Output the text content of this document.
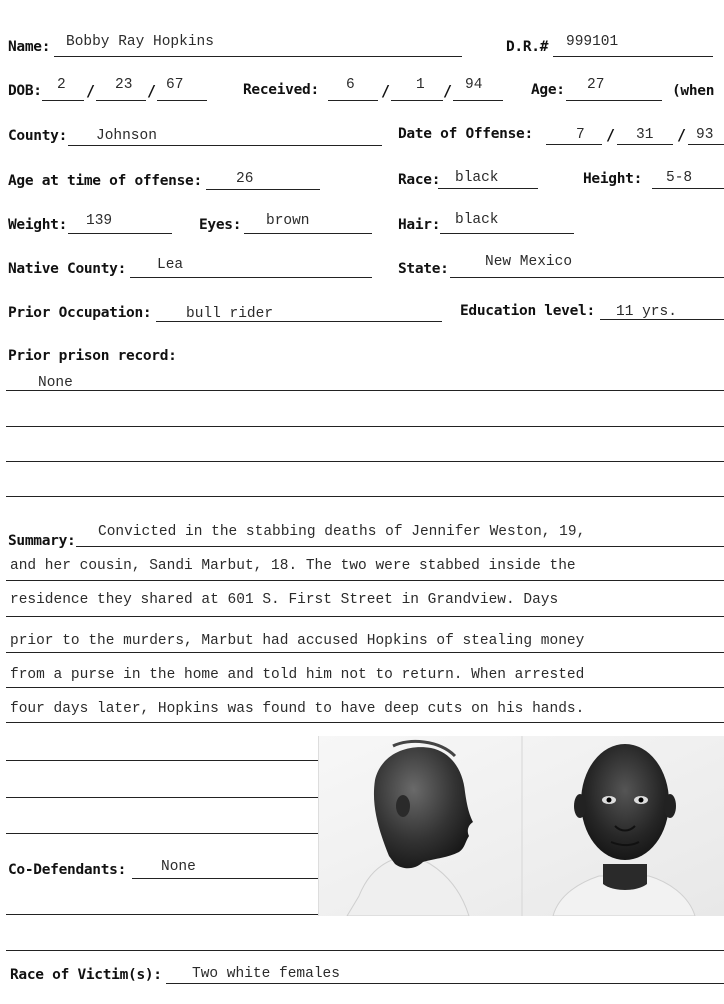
Name: Bobby Ray Hopkins	D.R.# 999101
DOB: 2 / 23 / 67	Received: 6 / 1 / 94	Age: 27	(when
County: Johnson	Date of Offense:	7 / 31 / 93
Age at time of offense: 26	Race: black	Height: 5-8
Weight: 139	Eyes: brown	Hair: black
Native County: Lea	State:	New Mexico
Prior Occupation: bull rider	Education level: 11 yrs.
Prior prison record:
None
Summary:
Convicted in the stabbing deaths of Jennifer Weston, 19,
and her cousin, Sandi Marbut, 18. The two were stabbed inside the
residence they shared at 601 S. First Street in Grandview. Days
prior to the murders, Marbut had accused Hopkins of stealing money
from a purse in the home and told him not to return. When arrested
four days later, Hopkins was found to have deep cuts on his hands.
Co-Defendants: None
Race of Victim(s): Two white females
